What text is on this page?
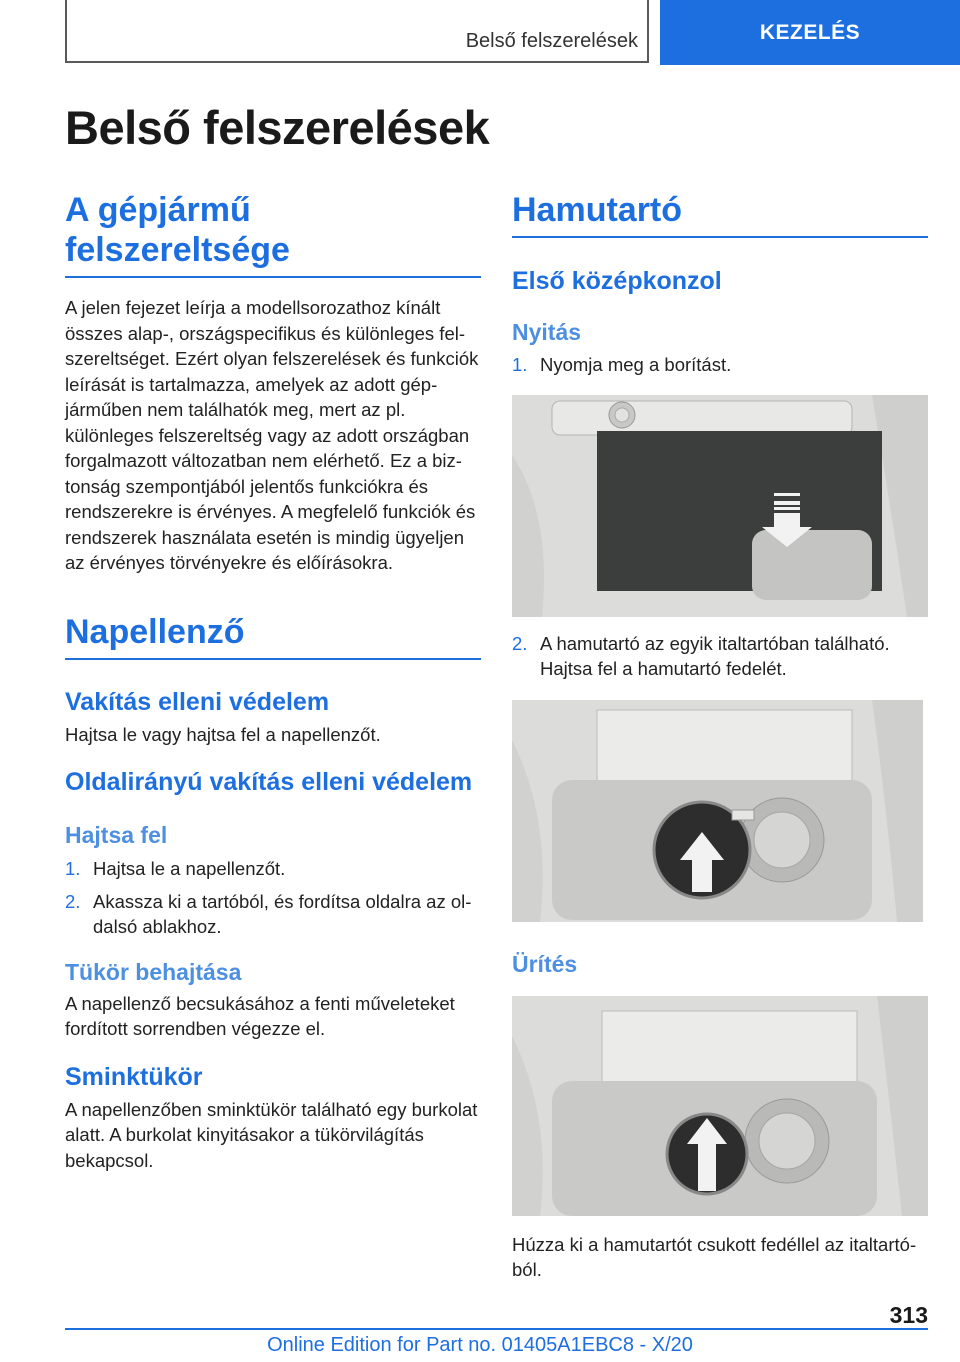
Belső felszerelések	KEZELÉS
Belső felszerelések
A gépjármű felszereltsége
A jelen fejezet leírja a modellsorozathoz kínált összes alap-, országspecifikus és különleges felszereltséget. Ezért olyan felszerelések és funkciók leírását is tartalmazza, amelyek az adott gépjárműben nem találhatók meg, mert az pl. különleges felszereltség vagy az adott országban forgalmazott változatban nem elérhető. Ez a biztonság szempontjából jelentős funkciókra és rendszerekre is érvényes. A megfelelő funkciók és rendszerek használata esetén is mindig ügyeljen az érvényes törvényekre és előírásokra.
Napellenző
Vakítás elleni védelem
Hajtsa le vagy hajtsa fel a napellenzőt.
Oldalirányú vakítás elleni védelem
Hajtsa fel
1. Hajtsa le a napellenzőt.
2. Akassza ki a tartóból, és fordítsa oldalra az oldalsó ablakhoz.
Tükör behajtása
A napellenző becsukásához a fenti műveleteket fordított sorrendben végezze el.
Sminktükör
A napellenzőben sminktükör található egy burkolat alatt. A burkolat kinyitásakor a tükörvilágítás bekapcsol.
Hamutartó
Első középkonzol
Nyitás
1. Nyomja meg a borítást.
2. A hamutartó az egyik italtartóban található. Hajtsa fel a hamutartó fedelét.
Ürítés
Húzza ki a hamutartót csukott fedéllel az italtartóból.
313
Online Edition for Part no. 01405A1EBC8 - X/20
